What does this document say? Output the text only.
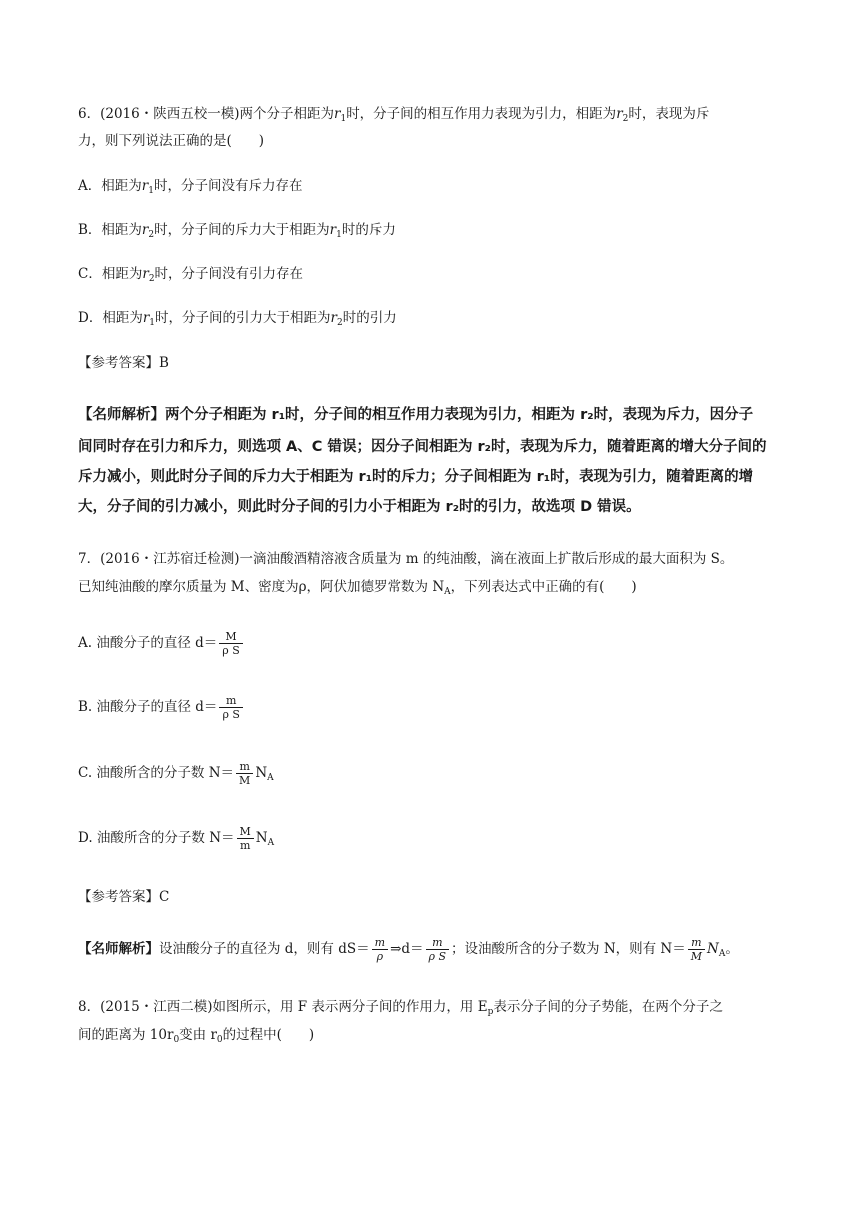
6．(2016・陕西五校一模)两个分子相距为$r_1$时，分子间的相互作用力表现为引力，相距为$r_2$时，表现为斥
力，则下列说法正确的是(　　)
A．相距为$r_1$时，分子间没有斥力存在
B．相距为$r_2$时，分子间的斥力大于相距为$r_1$时的斥力
C．相距为$r_2$时，分子间没有引力存在
D．相距为$r_1$时，分子间的引力大于相距为$r_2$时的引力
【参考答案】B
【名师解析】两个分子相距为 r₁时，分子间的相互作用力表现为引力，相距为 r₂时，表现为斥力，因分子
间同时存在引力和斥力，则选项 A、C 错误；因分子间相距为 r₂时，表现为斥力，随着距离的增大分子间的
斥力减小，则此时分子间的斥力大于相距为 r₁时的斥力；分子间相距为 r₁时，表现为引力，随着距离的增
大，分子间的引力减小，则此时分子间的引力小于相距为 r₂时的引力，故选项 D 错误。
7．(2016・江苏宿迁检测)一滴油酸酒精溶液含质量为 m 的纯油酸，滴在液面上扩散后形成的最大面积为 S。
已知纯油酸的摩尔质量为 M、密度为ρ，阿伏加德罗常数为 $N_A$，下列表达式中正确的有(　　)
A. 油酸分子的直径 $d= \frac{M}{\text{ρ S}}$
B. 油酸分子的直径 $d= \frac{m}{\text{ρ S}}$
C. 油酸所含的分子数 $N= \frac{m}{M} N_A$
D. 油酸所含的分子数 $N= \frac{M}{m} N_A$
【参考答案】C
【名师解析】设油酸分子的直径为 d，则有 $dS= \frac{m}{\rho}$ ⇒d＝ $\frac{m}{\text{ρ S}}$ ；设油酸所含的分子数为 N，则有 $N= \frac{m}{M} N_A$。
8．(2015・江西二模)如图所示，用 F 表示两分子间的作用力，用 $E_p$表示分子间的分子势能，在两个分子之
间的距离为 $10r_0$变由 $r_0$的过程中(　　)
